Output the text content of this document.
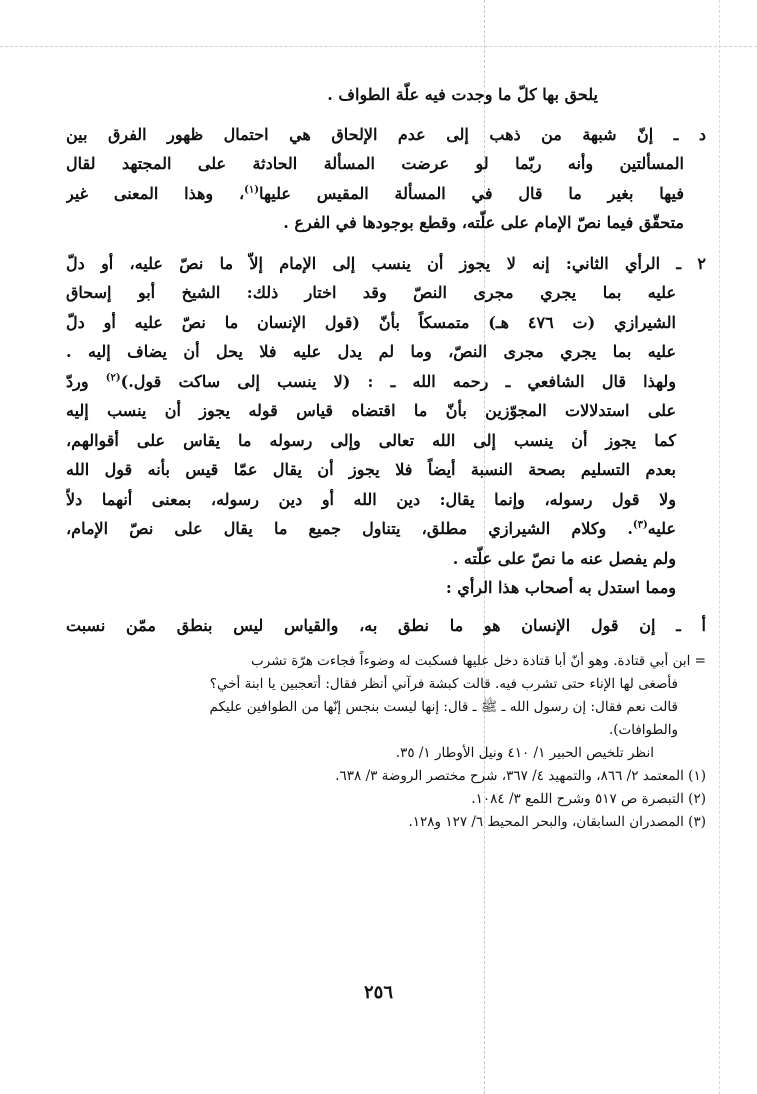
يلحق بها كلّ ما وجدت فيه علّة الطواف .
د ـ إنّ شبهة من ذهب إلى عدم الإلحاق هي احتمال ظهور الفرق بين
المسألتين وأنه ربّما لو عرضت المسألة الحادثة على المجتهد لقال
فيها بغير ما قال في المسألة المقيس عليها$^{(١)}$، وهذا المعنى غير
متحقّق فيما نصّ الإمام على علّته، وقطع بوجودها في الفرع .
٢ ـ الرأي الثاني: إنه لا يجوز أن ينسب إلى الإمام إلاّ ما نصّ عليه، أو دلّ
عليه بما يجري مجرى النصّ وقد اختار ذلك: الشيخ أبو إسحاق
الشيرازي (ت ٤٧٦ هـ) متمسكاً بأنّ (قول الإنسان ما نصّ عليه أو دلّ
عليه بما يجري مجرى النصّ، وما لم يدل عليه فلا يحل أن يضاف إليه .
ولهذا قال الشافعي ـ رحمه الله ـ : (لا ينسب إلى ساكت قول.)$^{(٢)}$ وردّ
على استدلالات المجوّزين بأنّ ما اقتضاه قياس قوله يجوز أن ينسب إليه
كما يجوز أن ينسب إلى الله تعالى وإلى رسوله ما يقاس على أقوالهم،
بعدم التسليم بصحة النسبة أيضاً فلا يجوز أن يقال عمّا قيس بأنه قول الله
ولا قول رسوله، وإنما يقال: دين الله أو دين رسوله، بمعنى أنهما دلاّ
عليه$^{(٣)}$. وكلام الشيرازي مطلق، يتناول جميع ما يقال على نصّ الإمام،
ولم يفصل عنه ما نصّ على علّته .
ومما استدل به أصحاب هذا الرأي :
أ ـ إن قول الإنسان هو ما نطق به، والقياس ليس بنطق ممّن نسبت
= ابن أبي قتادة. وهو أنّ أبا قتادة دخل عليها فسكبت له وضوءاً فجاءت هرّة تشرب
فأصغى لها الإناء حتى تشرب فيه. قالت كبشة فرآني أنظر فقال: أتعجبين يا ابنة أخي؟
قالت نعم فقال: إن رسول الله ـ ﷺ ـ قال: إنها ليست بنجس إنّها من الطوافين عليكم
والطوافات).
انظر تلخيص الحبير ١/ ٤١٠ ونيل الأوطار ١/ ٣٥.
(١) المعتمد ٢/ ٨٦٦، والتمهيد ٤/ ٣٦٧، شرح مختصر الروضة ٣/ ٦٣٨.
(٢) التبصرة ص ٥١٧ وشرح اللمع ٣/ ١٠٨٤.
(٣) المصدران السابقان، والبحر المحيط ٦/ ١٢٧ و١٢٨.
٢٥٦
